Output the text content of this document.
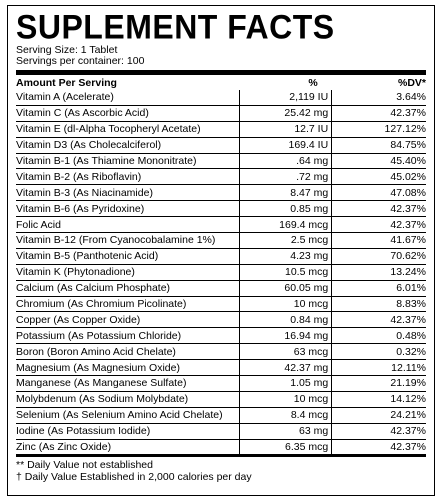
SUPLEMENT FACTS
Serving Size: 1 Tablet
Servings per container: 100
Amount Per Serving	%	%DV*
Vitamin A (Acelerate)	2,119 IU	3.64%
Vitamin C (As Ascorbic Acid)	25.42 mg	42.37%
Vitamin E (dl-Alpha Tocopheryl Acetate)	12.7 IU	127.12%
Vitamin D3 (As Cholecalciferol)	169.4 IU	84.75%
Vitamin B-1 (As Thiamine Mononitrate)	.64 mg	45.40%
Vitamin B-2 (As Riboflavin)	.72 mg	45.02%
Vitamin B-3 (As Niacinamide)	8.47 mg	47.08%
Vitamin B-6 (As Pyridoxine)	0.85 mg	42.37%
Folic Acid	169.4 mcg	42.37%
Vitamin B-12 (From Cyanocobalamine 1%)	2.5 mcg	41.67%
Vitamin B-5 (Panthotenic Acid)	4.23 mg	70.62%
Vitamin K (Phytonadione)	10.5 mcg	13.24%
Calcium (As Calcium Phosphate)	60.05 mg	6.01%
Chromium (As Chromium Picolinate)	10 mcg	8.83%
Copper (As Copper Oxide)	0.84 mg	42.37%
Potassium (As Potassium Chloride)	16.94 mg	0.48%
Boron (Boron Amino Acid Chelate)	63 mcg	0.32%
Magnesium (As Magnesium Oxide)	42.37 mg	12.11%
Manganese (As Manganese Sulfate)	1.05 mg	21.19%
Molybdenum (As Sodium Molybdate)	10 mcg	14.12%
Selenium (As Selenium Amino Acid Chelate)	8.4 mcg	24.21%
Iodine (As Potassium Iodide)	63 mg	42.37%
Zinc (As Zinc Oxide)	6.35 mcg	42.37%
** Daily Value not established
† Daily Value Established in 2,000 calories per day
